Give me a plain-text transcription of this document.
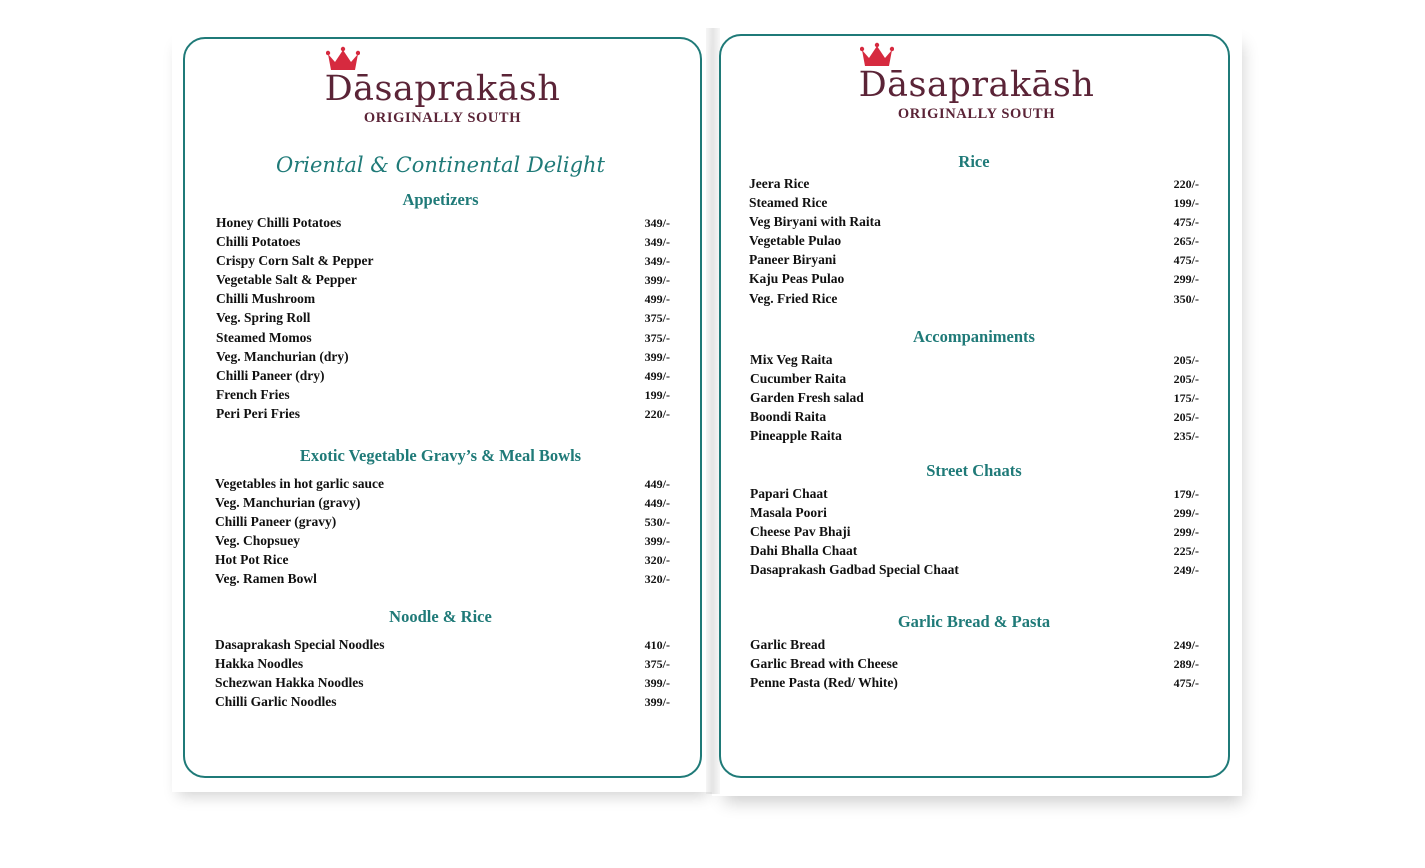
Dāsaprakāsh
ORIGINALLY SOUTH
Dāsaprakāsh
ORIGINALLY SOUTH
Oriental & Continental Delight
Appetizers
Honey Chilli Potatoes	349/-
Chilli Potatoes	349/-
Crispy Corn Salt & Pepper	349/-
Vegetable Salt & Pepper	399/-
Chilli Mushroom	499/-
Veg. Spring Roll	375/-
Steamed Momos	375/-
Veg. Manchurian (dry)	399/-
Chilli Paneer (dry)	499/-
French Fries	199/-
Peri Peri Fries	220/-
Exotic Vegetable Gravy’s & Meal Bowls
Vegetables in hot garlic sauce	449/-
Veg. Manchurian (gravy)	449/-
Chilli Paneer (gravy)	530/-
Veg. Chopsuey	399/-
Hot Pot Rice	320/-
Veg. Ramen Bowl	320/-
Noodle & Rice
Dasaprakash Special Noodles	410/-
Hakka Noodles	375/-
Schezwan Hakka Noodles	399/-
Chilli Garlic Noodles	399/-
Rice
Jeera Rice	220/-
Steamed Rice	199/-
Veg Biryani with Raita	475/-
Vegetable Pulao	265/-
Paneer Biryani	475/-
Kaju Peas Pulao	299/-
Veg. Fried Rice	350/-
Accompaniments
Mix Veg Raita	205/-
Cucumber Raita	205/-
Garden Fresh salad	175/-
Boondi Raita	205/-
Pineapple Raita	235/-
Street Chaats
Papari Chaat	179/-
Masala Poori	299/-
Cheese Pav Bhaji	299/-
Dahi Bhalla Chaat	225/-
Dasaprakash Gadbad Special Chaat	249/-
Garlic Bread & Pasta
Garlic Bread	249/-
Garlic Bread with Cheese	289/-
Penne Pasta (Red/ White)	475/-
